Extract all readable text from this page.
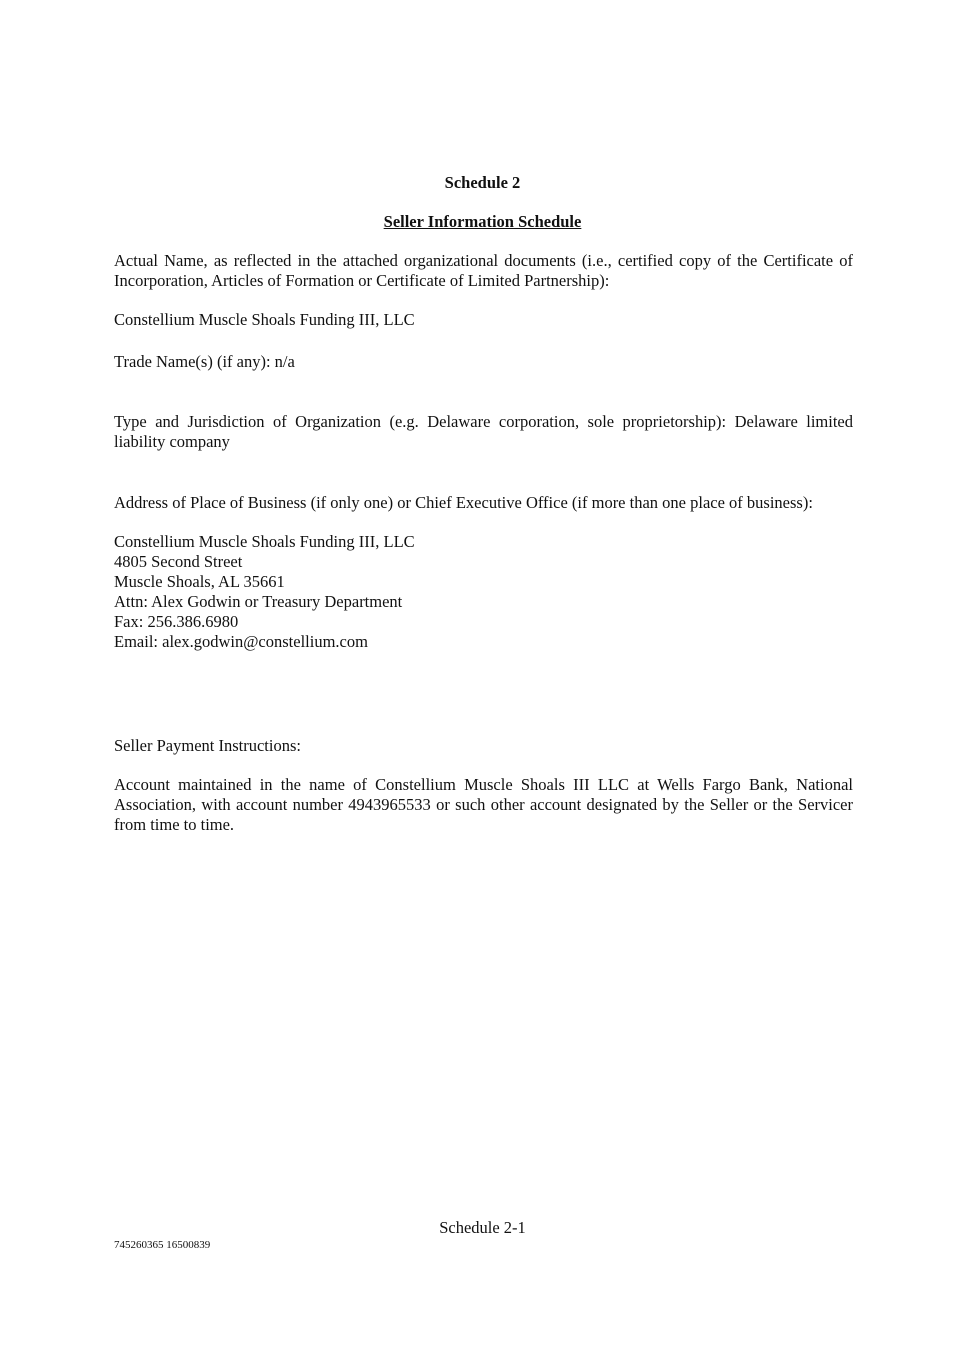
Schedule 2

Seller Information Schedule

Actual Name, as reflected in the attached organizational documents (i.e., certified copy of the Certificate of Incorporation, Articles of Formation or Certificate of Limited Partnership):

Constellium Muscle Shoals Funding III, LLC

Trade Name(s) (if any): n/a

Type and Jurisdiction of Organization (e.g. Delaware corporation, sole proprietorship): Delaware limited liability company

Address of Place of Business (if only one) or Chief Executive Office (if more than one place of business):

Constellium Muscle Shoals Funding III, LLC
4805 Second Street
Muscle Shoals, AL 35661
Attn: Alex Godwin or Treasury Department
Fax: 256.386.6980
Email: alex.godwin@constellium.com

Seller Payment Instructions:

Account maintained in the name of Constellium Muscle Shoals III LLC at Wells Fargo Bank, National Association, with account number 4943965533 or such other account designated by the Seller or the Servicer from time to time.

Schedule 2-1

745260365 16500839
